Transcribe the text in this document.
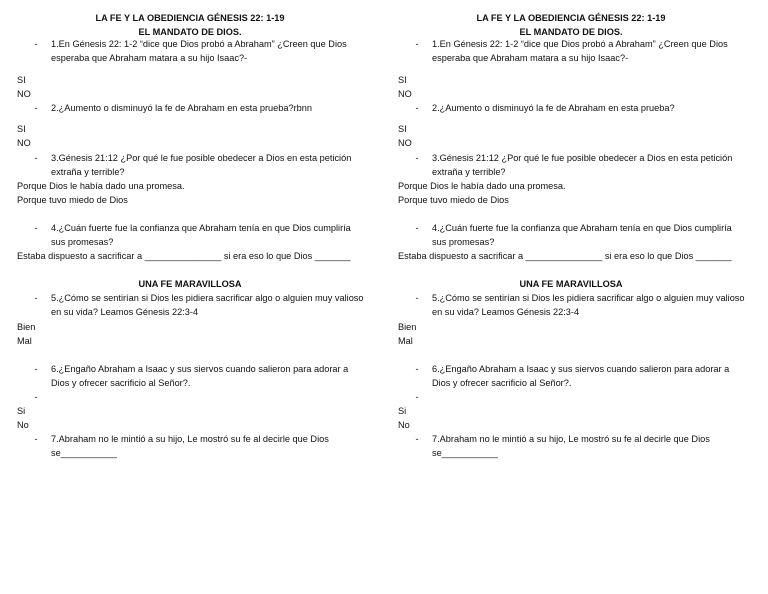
LA FE Y LA OBEDIENCIA GÉNESIS 22: 1-19
EL MANDATO DE DIOS.
- 1.En Génesis 22: 1-2 “dice que Dios probó a Abraham” ¿Creen que Dios esperaba que Abraham matara a su hijo Isaac?-
SI
NO
- 2.¿Aumento o disminuyó la fe de Abraham en esta prueba?rbnn
SI
NO
- 3.Génesis 21:12 ¿Por qué le fue posible obedecer a Dios en esta petición extraña y terrible?
Porque Dios le había dado una promesa.
Porque tuvo miedo de Dios
- 4.¿Cuán fuerte fue la confianza que Abraham tenía en que Dios cumpliría sus promesas?
Estaba dispuesto a sacrificar a _______________ si era eso lo que Dios _______
UNA FE MARAVILLOSA
- 5.¿Cómo se sentirían si Dios les pidiera sacrificar algo o alguien muy valioso en su vida? Leamos Génesis 22:3-4
Bien
Mal
- 6.¿Engaño Abraham a Isaac y sus siervos cuando salieron para adorar a Dios y ofrecer sacrificio al Señor?.
-
Si
No
- 7.Abraham no le mintió a su hijo, Le mostró su fe al decirle que Dios se___________
LA FE Y LA OBEDIENCIA GÉNESIS 22: 1-19
EL MANDATO DE DIOS.
- 1.En Génesis 22: 1-2 “dice que Dios probó a Abraham” ¿Creen que Dios esperaba que Abraham matara a su hijo Isaac?-
SI
NO
- 2.¿Aumento o disminuyó la fe de Abraham en esta prueba?
SI
NO
- 3.Génesis 21:12 ¿Por qué le fue posible obedecer a Dios en esta petición extraña y terrible?
Porque Dios le había dado una promesa.
Porque tuvo miedo de Dios
- 4.¿Cuán fuerte fue la confianza que Abraham tenía en que Dios cumpliría sus promesas?
Estaba dispuesto a sacrificar a _______________ si era eso lo que Dios _______
UNA FE MARAVILLOSA
- 5.¿Cómo se sentirían si Dios les pidiera sacrificar algo o alguien muy valioso en su vida? Leamos Génesis 22:3-4
Bien
Mal
- 6.¿Engaño Abraham a Isaac y sus siervos cuando salieron para adorar a Dios y ofrecer sacrificio al Señor?.
-
Si
No
- 7.Abraham no le mintió a su hijo, Le mostró su fe al decirle que Dios se___________
